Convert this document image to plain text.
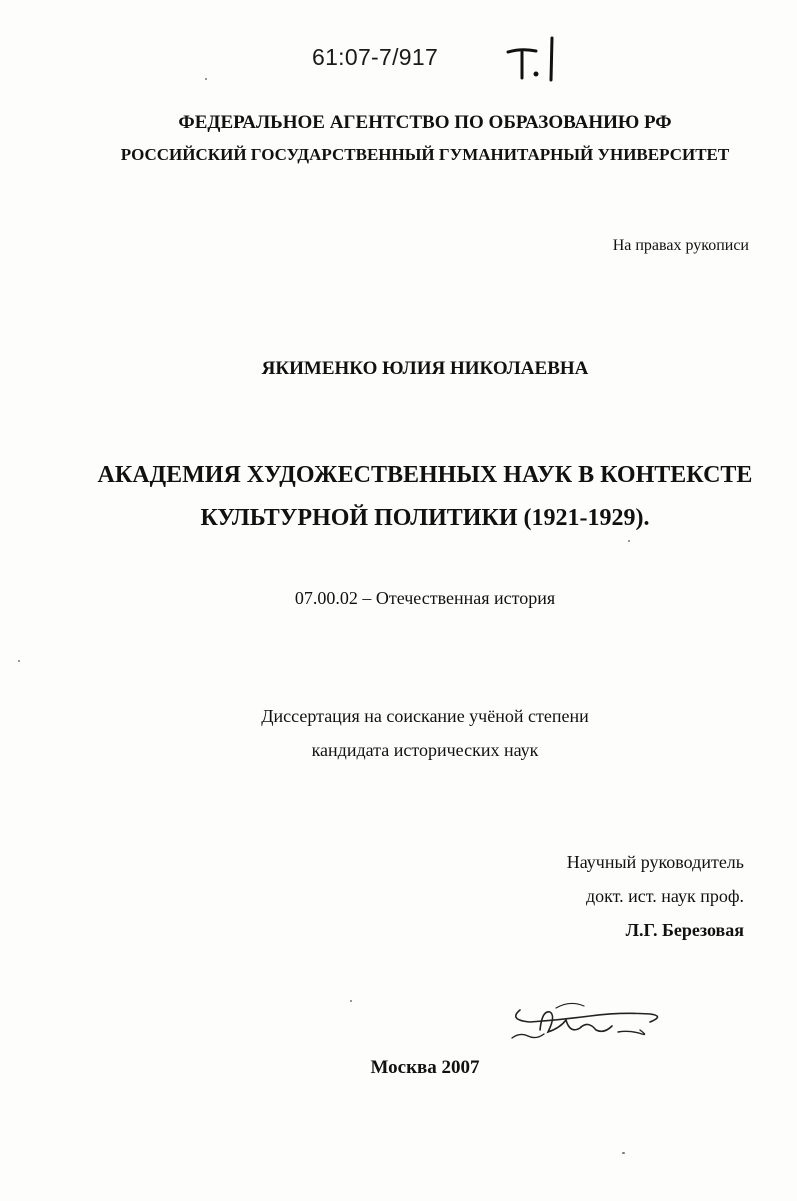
61:07-7/917
ФЕДЕРАЛЬНОЕ АГЕНТСТВО ПО ОБРАЗОВАНИЮ РФ
РОССИЙСКИЙ ГОСУДАРСТВЕННЫЙ ГУМАНИТАРНЫЙ УНИВЕРСИТЕТ
На правах рукописи
ЯКИМЕНКО ЮЛИЯ НИКОЛАЕВНА
АКАДЕМИЯ ХУДОЖЕСТВЕННЫХ НАУК В КОНТЕКСТЕ
КУЛЬТУРНОЙ ПОЛИТИКИ (1921-1929).
07.00.02 – Отечественная история
Диссертация на соискание учёной степени
кандидата исторических наук
Научный руководитель
докт. ист. наук проф.
Л.Г. Березовая
Москва 2007
